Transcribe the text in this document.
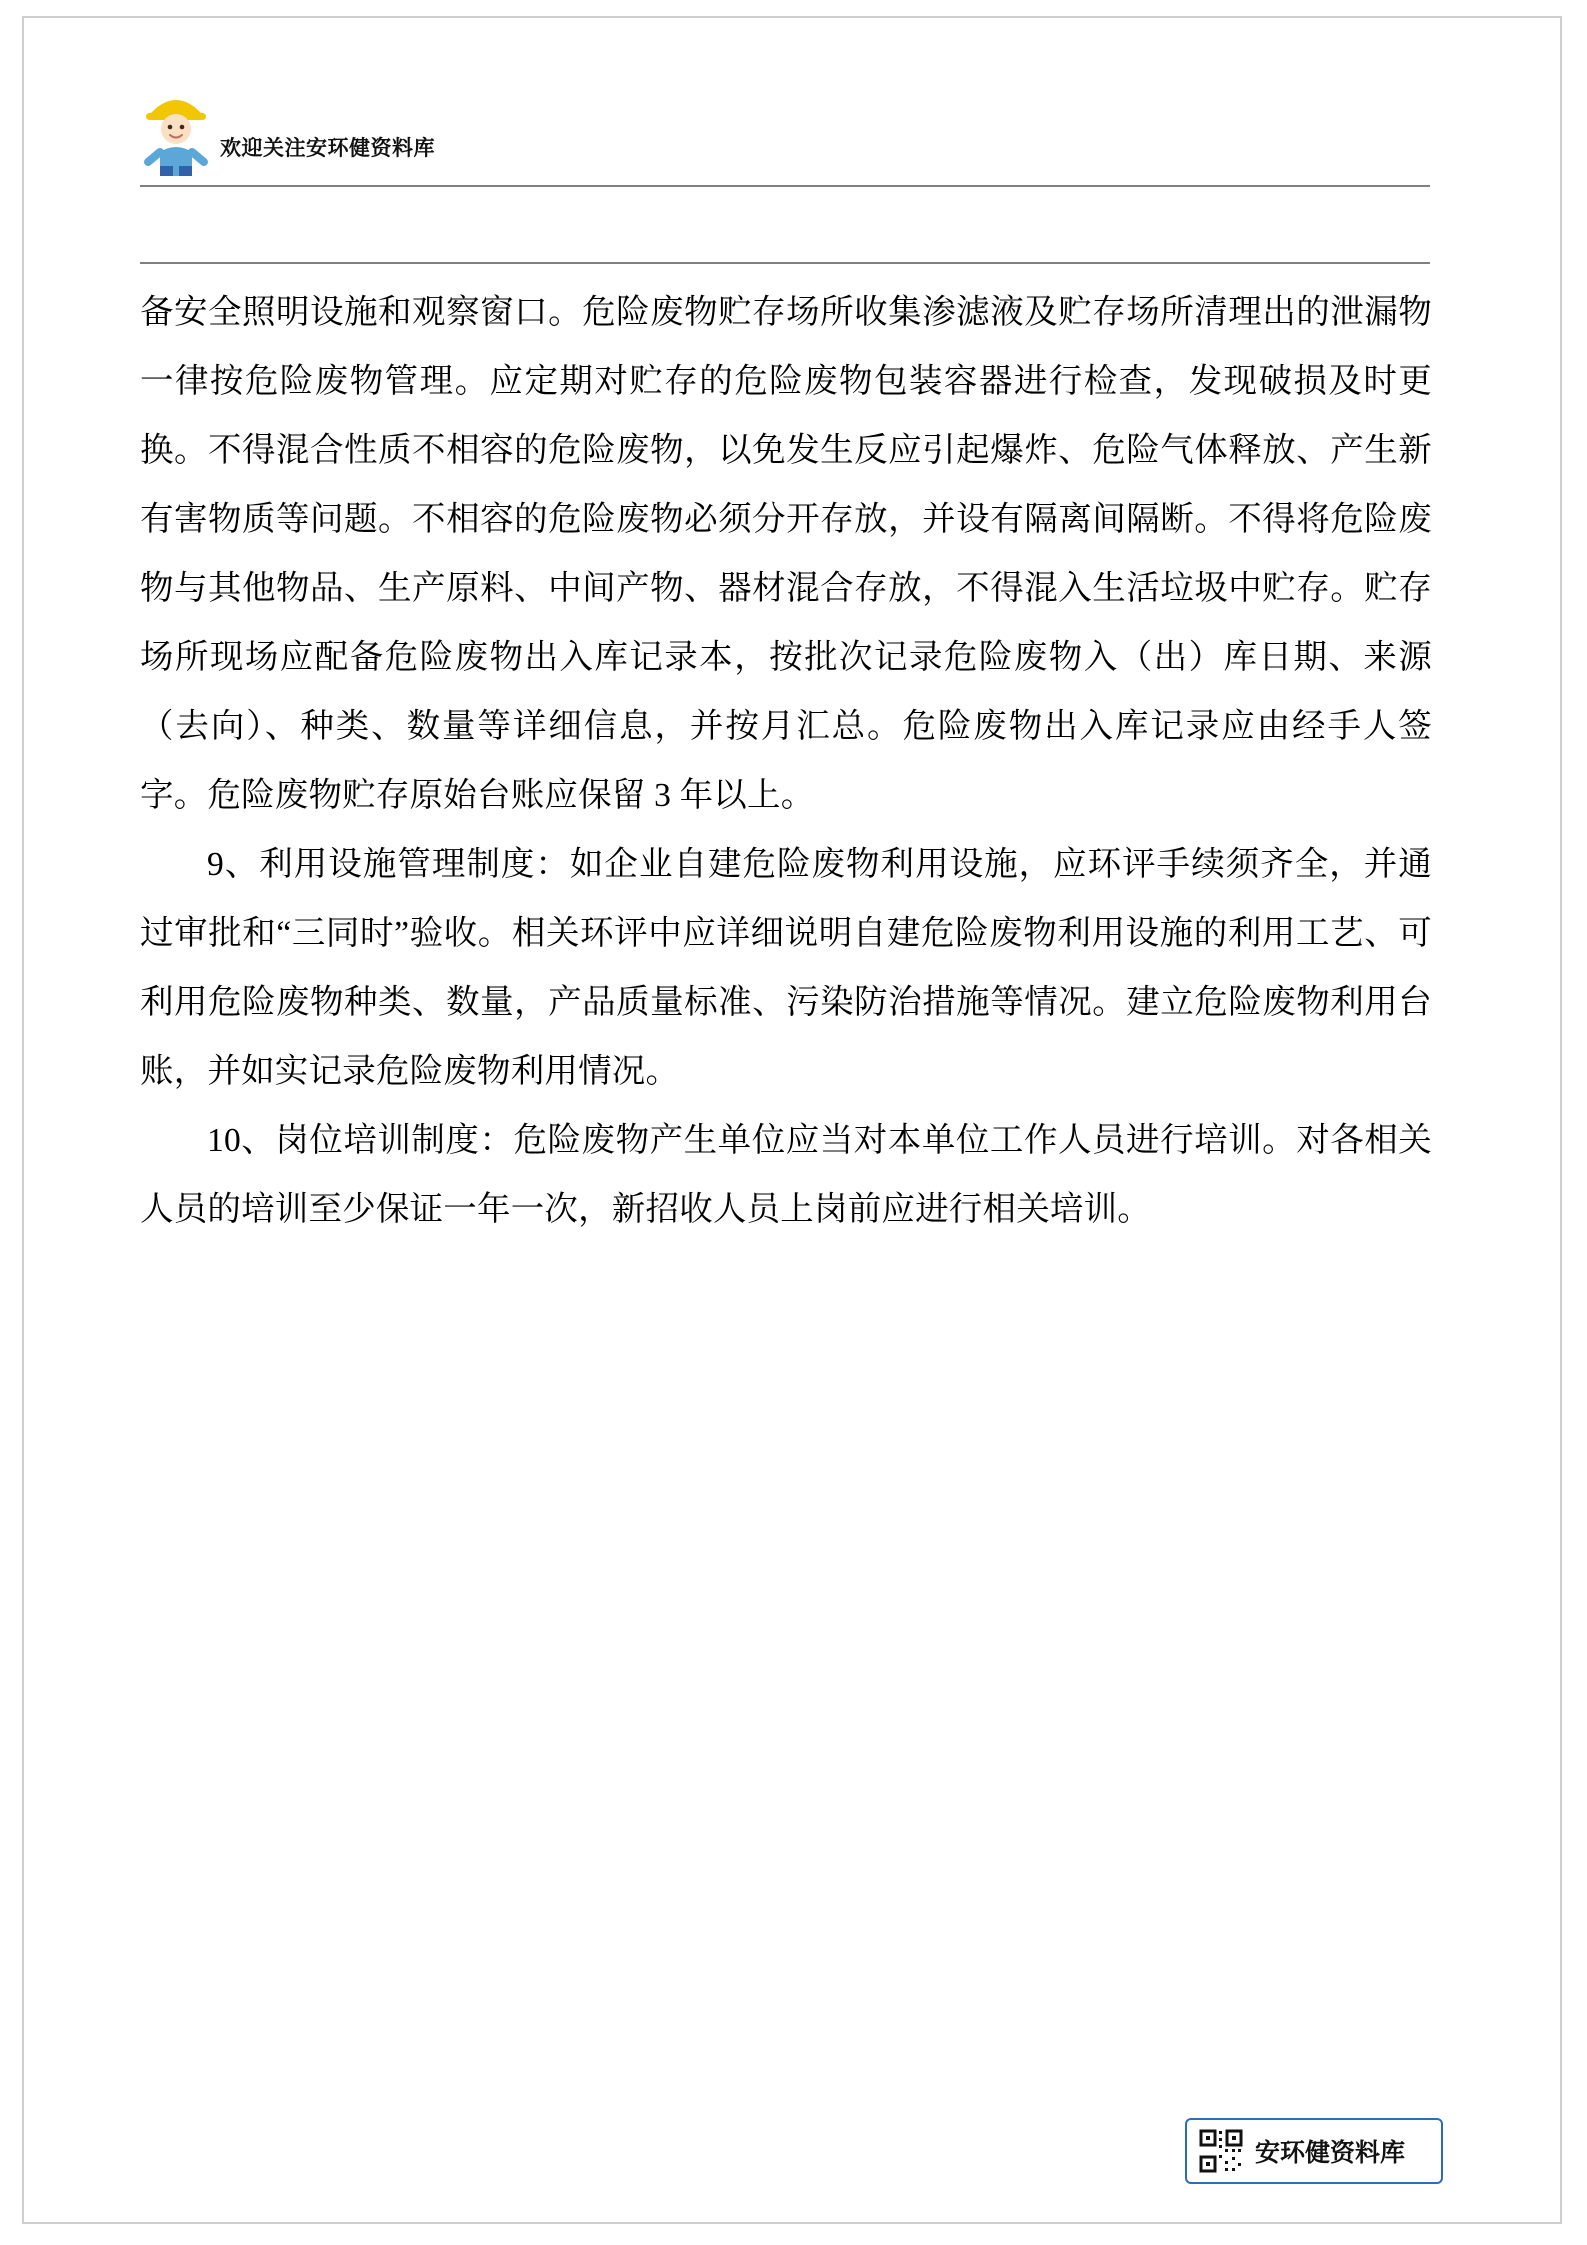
欢迎关注安环健资料库

备安全照明设施和观察窗口。危险废物贮存场所收集渗滤液及贮存场所清理出的泄漏物一律按危险废物管理。应定期对贮存的危险废物包装容器进行检查，发现破损及时更换。不得混合性质不相容的危险废物，以免发生反应引起爆炸、危险气体释放、产生新有害物质等问题。不相容的危险废物必须分开存放，并设有隔离间隔断。不得将危险废物与其他物品、生产原料、中间产物、器材混合存放，不得混入生活垃圾中贮存。贮存场所现场应配备危险废物出入库记录本，按批次记录危险废物入（出）库日期、来源（去向）、种类、数量等详细信息，并按月汇总。危险废物出入库记录应由经手人签字。危险废物贮存原始台账应保留 3 年以上。

9、利用设施管理制度：如企业自建危险废物利用设施，应环评手续须齐全，并通过审批和“三同时”验收。相关环评中应详细说明自建危险废物利用设施的利用工艺、可利用危险废物种类、数量，产品质量标准、污染防治措施等情况。建立危险废物利用台账，并如实记录危险废物利用情况。

10、岗位培训制度：危险废物产生单位应当对本单位工作人员进行培训。对各相关人员的培训至少保证一年一次，新招收人员上岗前应进行相关培训。

安环健资料库
